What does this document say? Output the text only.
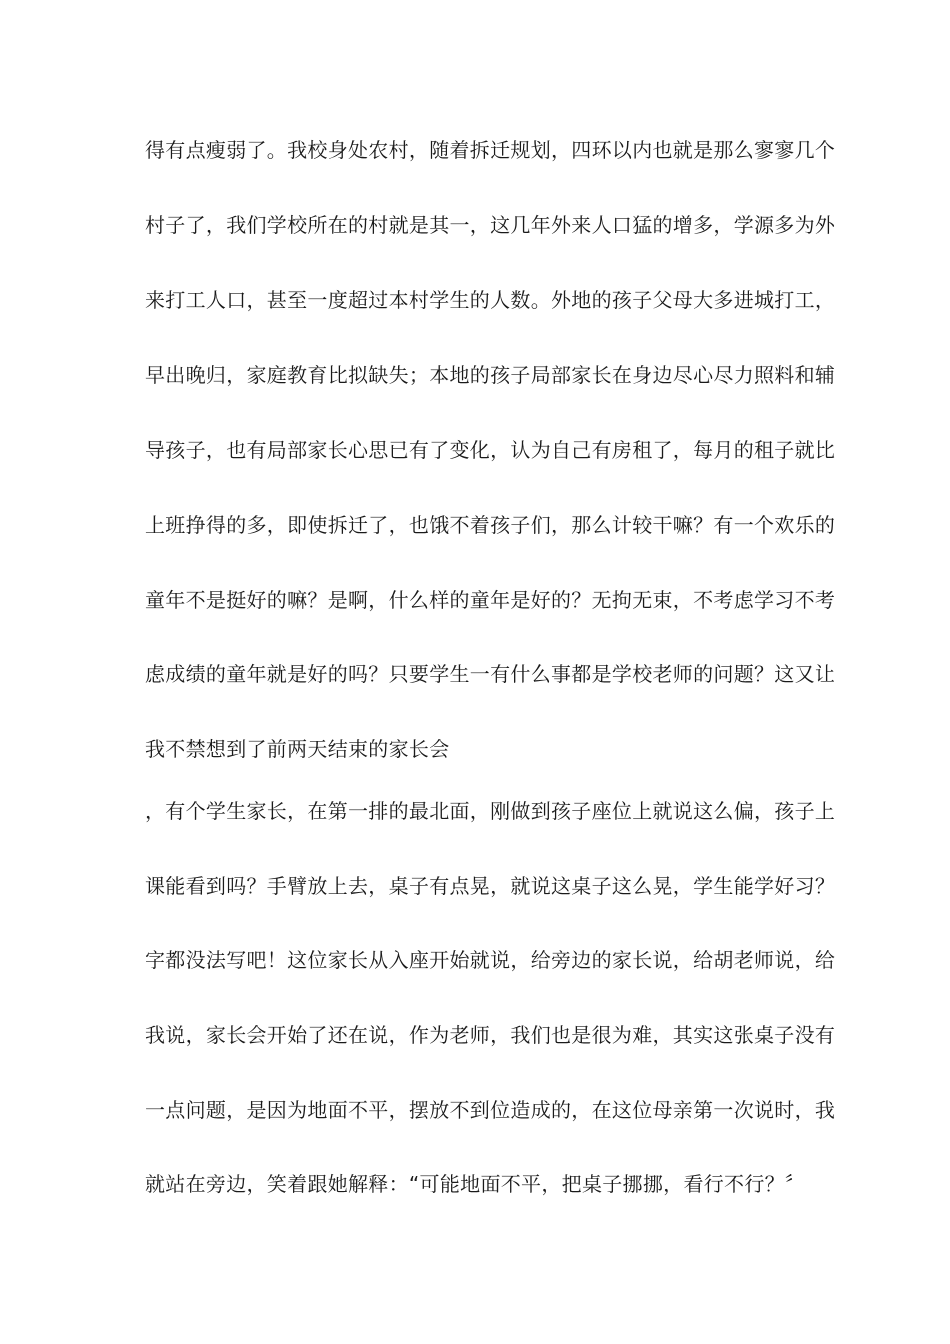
得有点瘦弱了。我校身处农村，随着拆迁规划，四环以内也就是那么寥寥几个
村子了，我们学校所在的村就是其一，这几年外来人口猛的增多，学源多为外
来打工人口，甚至一度超过本村学生的人数。外地的孩子父母大多进城打工，
早出晚归，家庭教育比拟缺失；本地的孩子局部家长在身边尽心尽力照料和辅
导孩子，也有局部家长心思已有了变化，认为自己有房租了，每月的租子就比
上班挣得的多，即使拆迁了，也饿不着孩子们，那么计较干嘛？有一个欢乐的
童年不是挺好的嘛？是啊，什么样的童年是好的？无拘无束，不考虑学习不考
虑成绩的童年就是好的吗？只要学生一有什么事都是学校老师的问题？这又让
我不禁想到了前两天结束的家长会
，有个学生家长，在第一排的最北面，刚做到孩子座位上就说这么偏，孩子上
课能看到吗？手臂放上去，桌子有点晃，就说这桌子这么晃，学生能学好习？
字都没法写吧！这位家长从入座开始就说，给旁边的家长说，给胡老师说，给
我说，家长会开始了还在说，作为老师，我们也是很为难，其实这张桌子没有
一点问题，是因为地面不平，摆放不到位造成的，在这位母亲第一次说时，我
就站在旁边，笑着跟她解释：“可能地面不平，把桌子挪挪，看行不行？〞
